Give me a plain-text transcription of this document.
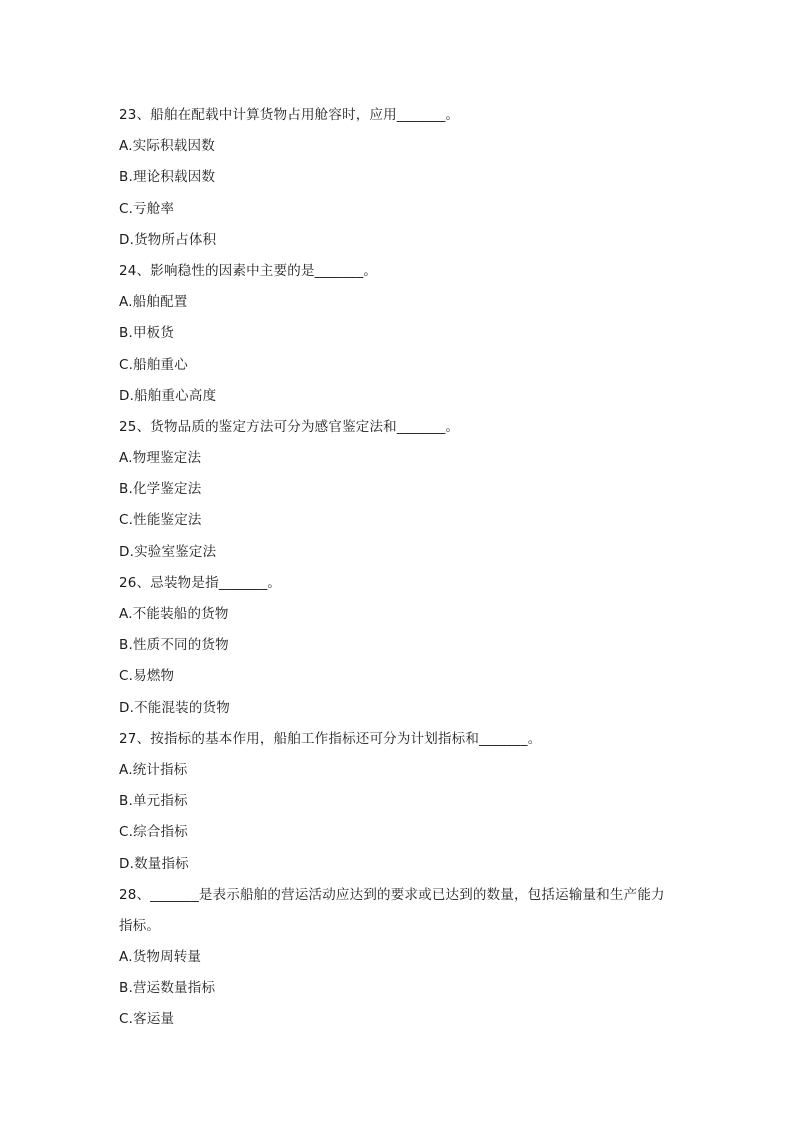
23、船舶在配载中计算货物占用舱容时，应用_______。
A.实际积载因数
B.理论积载因数
C.亏舱率
D.货物所占体积
24、影响稳性的因素中主要的是_______。
A.船舶配置
B.甲板货
C.船舶重心
D.船舶重心高度
25、货物品质的鉴定方法可分为感官鉴定法和_______。
A.物理鉴定法
B.化学鉴定法
C.性能鉴定法
D.实验室鉴定法
26、忌装物是指_______。
A.不能装船的货物
B.性质不同的货物
C.易燃物
D.不能混装的货物
27、按指标的基本作用，船舶工作指标还可分为计划指标和_______。
A.统计指标
B.单元指标
C.综合指标
D.数量指标
28、_______是表示船舶的营运活动应达到的要求或已达到的数量，包括运输量和生产能力
指标。
A.货物周转量
B.营运数量指标
C.客运量
